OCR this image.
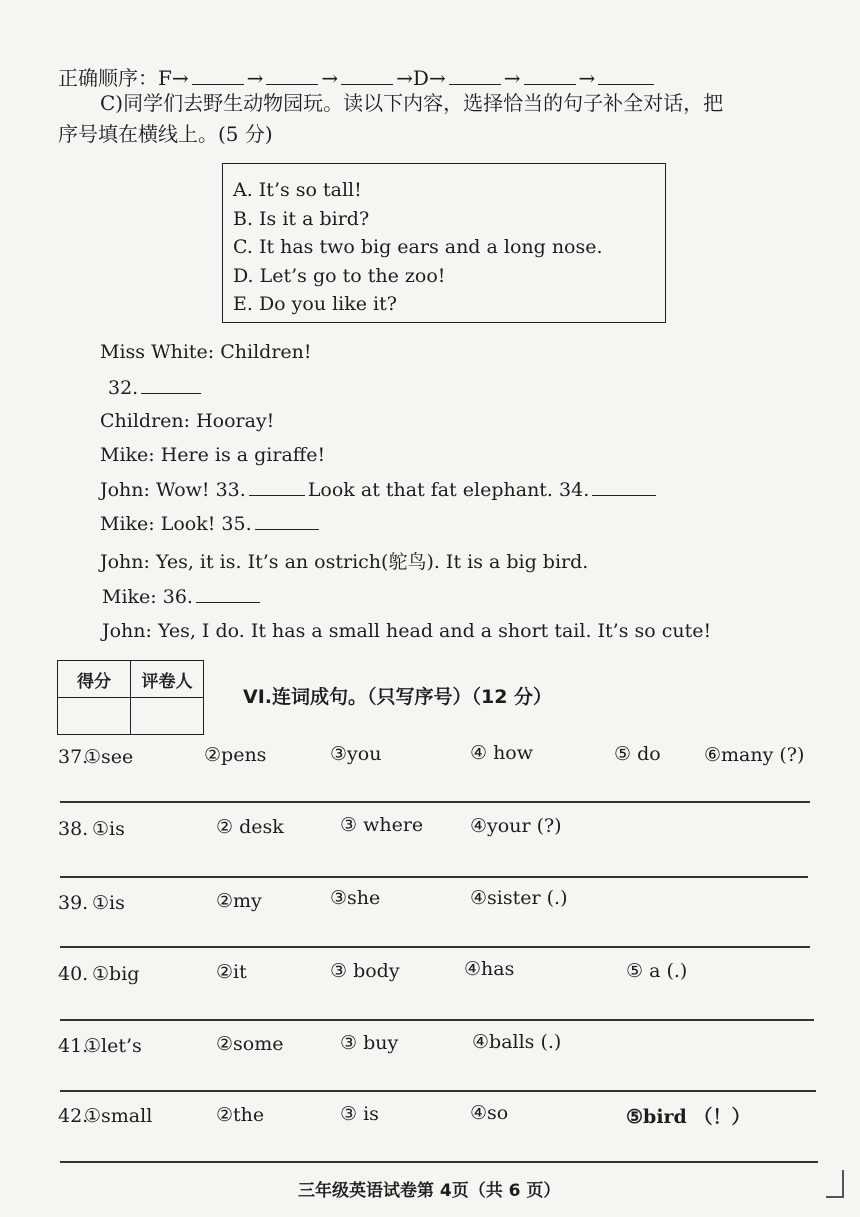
正确顺序：F→	→	→	→D→	→	→
C)同学们去野生动物园玩。读以下内容，选择恰当的句子补全对话，把
序号填在横线上。(5 分)
A. It’s so tall!
B. Is it a bird?
C. It has two big ears and a long nose.
D. Let’s go to the zoo!
E. Do you like it?
Miss White: Children!
32.
Children: Hooray!
Mike: Here is a giraffe!
John: Wow! 33.	Look at that fat elephant. 34.
Mike: Look! 35.
John: Yes, it is. It’s an ostrich(鸵鸟). It is a big bird.
Mike: 36.
John: Yes, I do. It has a small head and a short tail. It’s so cute!
得分	评卷人

VI.连词成句。（只写序号）（12 分）
37.
①see	②pens	③you	④ how	⑤ do ⑥many (?)
38. ①is	② desk	③ where ④your (?)
39. ①is	②my	③she	④sister (.)
40. ①big	②it	③ body	④has	⑤ a (.)
41.
①let’s	②some	③ buy	④balls (.)
42.
①small	②the	③ is	④so	⑤bird （！）
三年级英语试卷第 4页（共 6 页）
